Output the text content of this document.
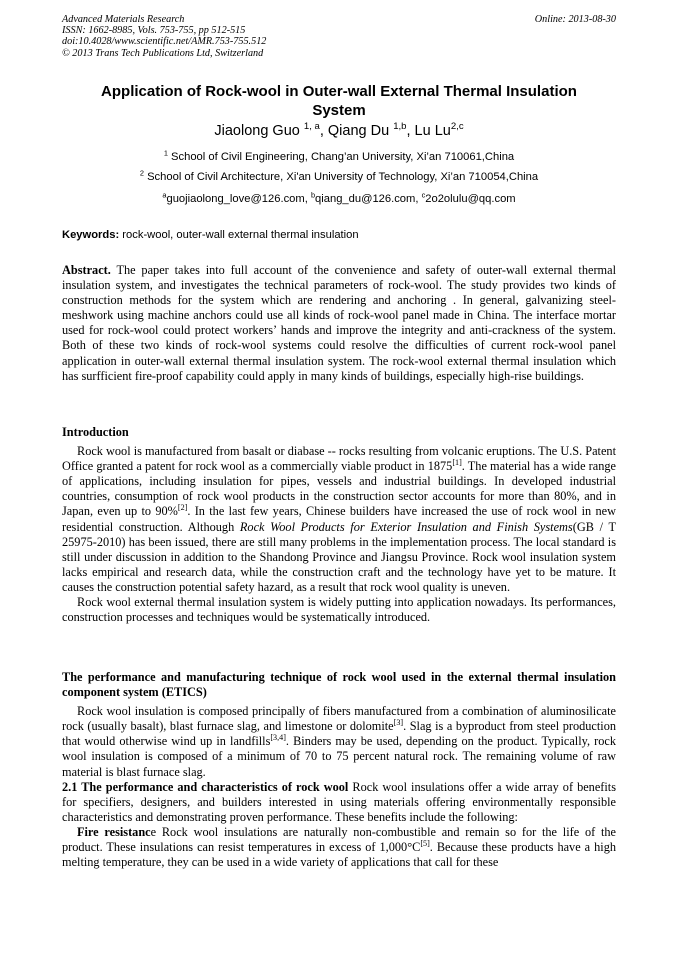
Advanced Materials Research
ISSN: 1662-8985, Vols. 753-755, pp 512-515
doi:10.4028/www.scientific.net/AMR.753-755.512
© 2013 Trans Tech Publications Ltd, Switzerland
Online: 2013-08-30
Application of Rock-wool in Outer-wall External Thermal Insulation
System
Jiaolong Guo $^{1, a}$, Qiang Du $^{1,b}$, Lu Lu$^{2,c}$
$^1$ School of Civil Engineering, Chang’an University, Xi’an 710061,China
$^2$ School of Civil Architecture, Xi'an University of Technology, Xi’an 710054,China
$^a$guojiaolong_love@126.com, $^b$qiang_du@126.com, $^c$2o2olulu@qq.com
Keywords: rock-wool, outer-wall external thermal insulation

Abstract. The paper takes into full account of the convenience and safety of outer-wall external thermal insulation system, and investigates the technical parameters of rock-wool. The study provides two kinds of construction methods for the system which are rendering and anchoring . In general, galvanizing steel-meshwork using machine anchors could use all kinds of rock-wool panel made in China. The interface mortar used for rock-wool could protect workers’ hands and improve the integrity and anti-crackness of the system. Both of these two kinds of rock-wool systems could resolve the difficulties of current rock-wool panel application in outer-wall external thermal insulation system. The rock-wool external thermal insulation which has surfficient fire-proof capability could apply in many kinds of buildings, especially high-rise buildings.

Introduction

Rock wool is manufactured from basalt or diabase -- rocks resulting from volcanic eruptions. The U.S. Patent Office granted a patent for rock wool as a commercially viable product in 1875[1]. The material has a wide range of applications, including insulation for pipes, vessels and industrial buildings. In developed industrial countries, consumption of rock wool products in the construction sector accounts for more than 80%, and in Japan, even up to 90%[2]. In the last few years, Chinese builders have increased the use of rock wool in new residential construction. Although Rock Wool Products for Exterior Insulation and Finish Systems(GB / T 25975-2010) has been issued, there are still many problems in the implementation process. The local standard is still under discussion in addition to the Shandong Province and Jiangsu Province. Rock wool insulation system lacks empirical and research data, while the construction craft and the technology have yet to be mature. It causes the construction potential safety hazard, as a result that rock wool quality is uneven.

Rock wool external thermal insulation system is widely putting into application nowadays. Its performances, construction processes and techniques would be systematically introduced.

The performance and manufacturing technique of rock wool used in the external thermal insulation component system (ETICS)

Rock wool insulation is composed principally of fibers manufactured from a combination of aluminosilicate rock (usually basalt), blast furnace slag, and limestone or dolomite[3]. Slag is a byproduct from steel production that would otherwise wind up in landfills[3,4]. Binders may be used, depending on the product. Typically, rock wool insulation is composed of a minimum of 70 to 75 percent natural rock. The remaining volume of raw material is blast furnace slag.

2.1 The performance and characteristics of rock wool Rock wool insulations offer a wide array of benefits for specifiers, designers, and builders interested in using materials offering environmentally responsible characteristics and demonstrating proven performance. These benefits include the following:

Fire resistance Rock wool insulations are naturally non-combustible and remain so for the life of the product. These insulations can resist temperatures in excess of 1,000°C[5]. Because these products have a high melting temperature, they can be used in a wide variety of applications that call for these
